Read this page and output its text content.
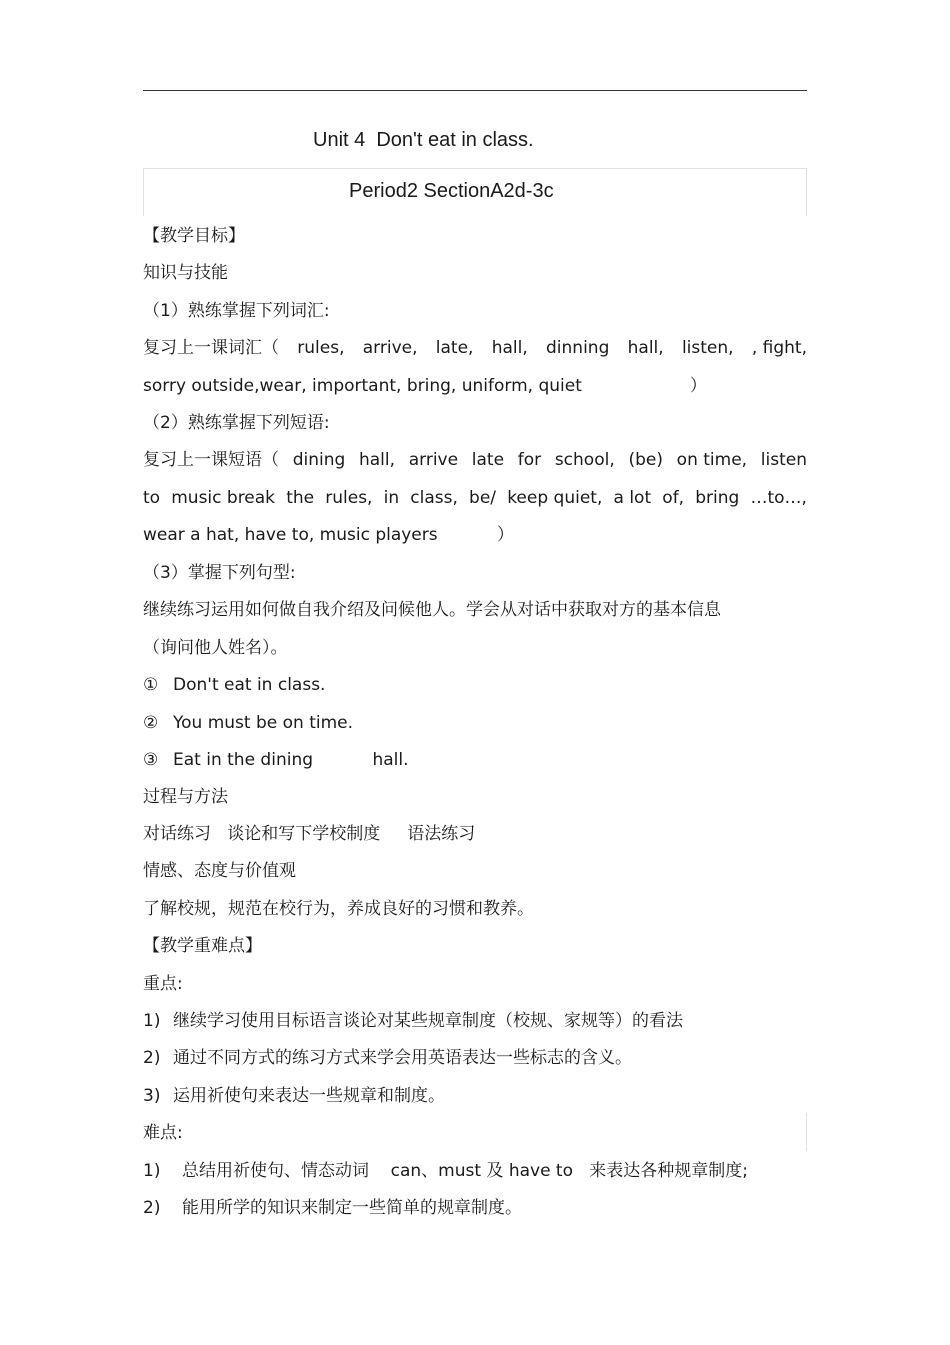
Unit 4  Don't eat in class.
Period2 SectionA2d-3c
【教学目标】
知识与技能
（1）熟练掌握下列词汇:
复习上一课词汇（ rules, arrive, late, hall, dinning hall, listen, , fight,
sorry outside,wear, important, bring, uniform, quiet                    ）
（2）熟练掌握下列短语:
复习上一课短语（ dining hall, arrive late for school, (be) on time, listen
to music break the rules, in class, be/ keep quiet, a lot of, bring …to…,
wear a hat, have to, music players           ）
（3）掌握下列句型:
继续练习运用如何做自我介绍及问候他人。学会从对话中获取对方的基本信息
（询问他人姓名）。
① Don't eat in class.
② You must be on time.
③ Eat in the dining           hall.
过程与方法
对话练习   谈论和写下学校制度     语法练习
情感、态度与价值观
了解校规，规范在校行为，养成良好的习惯和教养。
【教学重难点】
重点:
1) 继续学习使用目标语言谈论对某些规章制度（校规、家规等）的看法
2) 通过不同方式的练习方式来学会用英语表达一些标志的含义。
3) 运用祈使句来表达一些规章和制度。
难点:
1) 总结用祈使句、情态动词    can、must 及 have to   来表达各种规章制度;
2) 能用所学的知识来制定一些简单的规章制度。
